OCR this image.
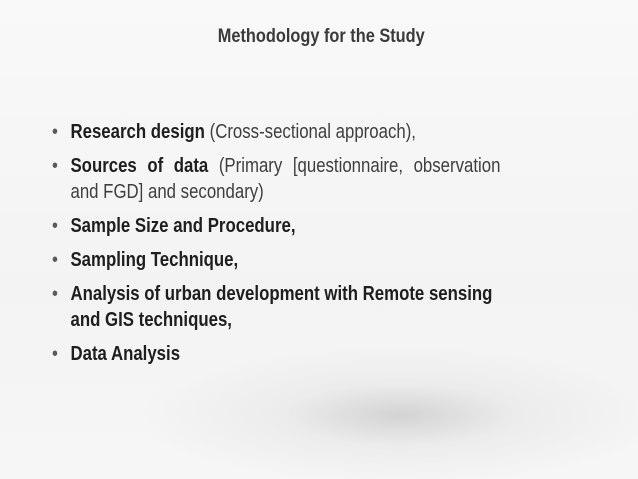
Methodology for the Study
• Research design (Cross-sectional approach),
• Sources of data (Primary [questionnaire, observation
and FGD] and secondary)
• Sample Size and Procedure,
• Sampling Technique,
• Analysis of urban development with Remote sensing
and GIS techniques,
• Data Analysis
